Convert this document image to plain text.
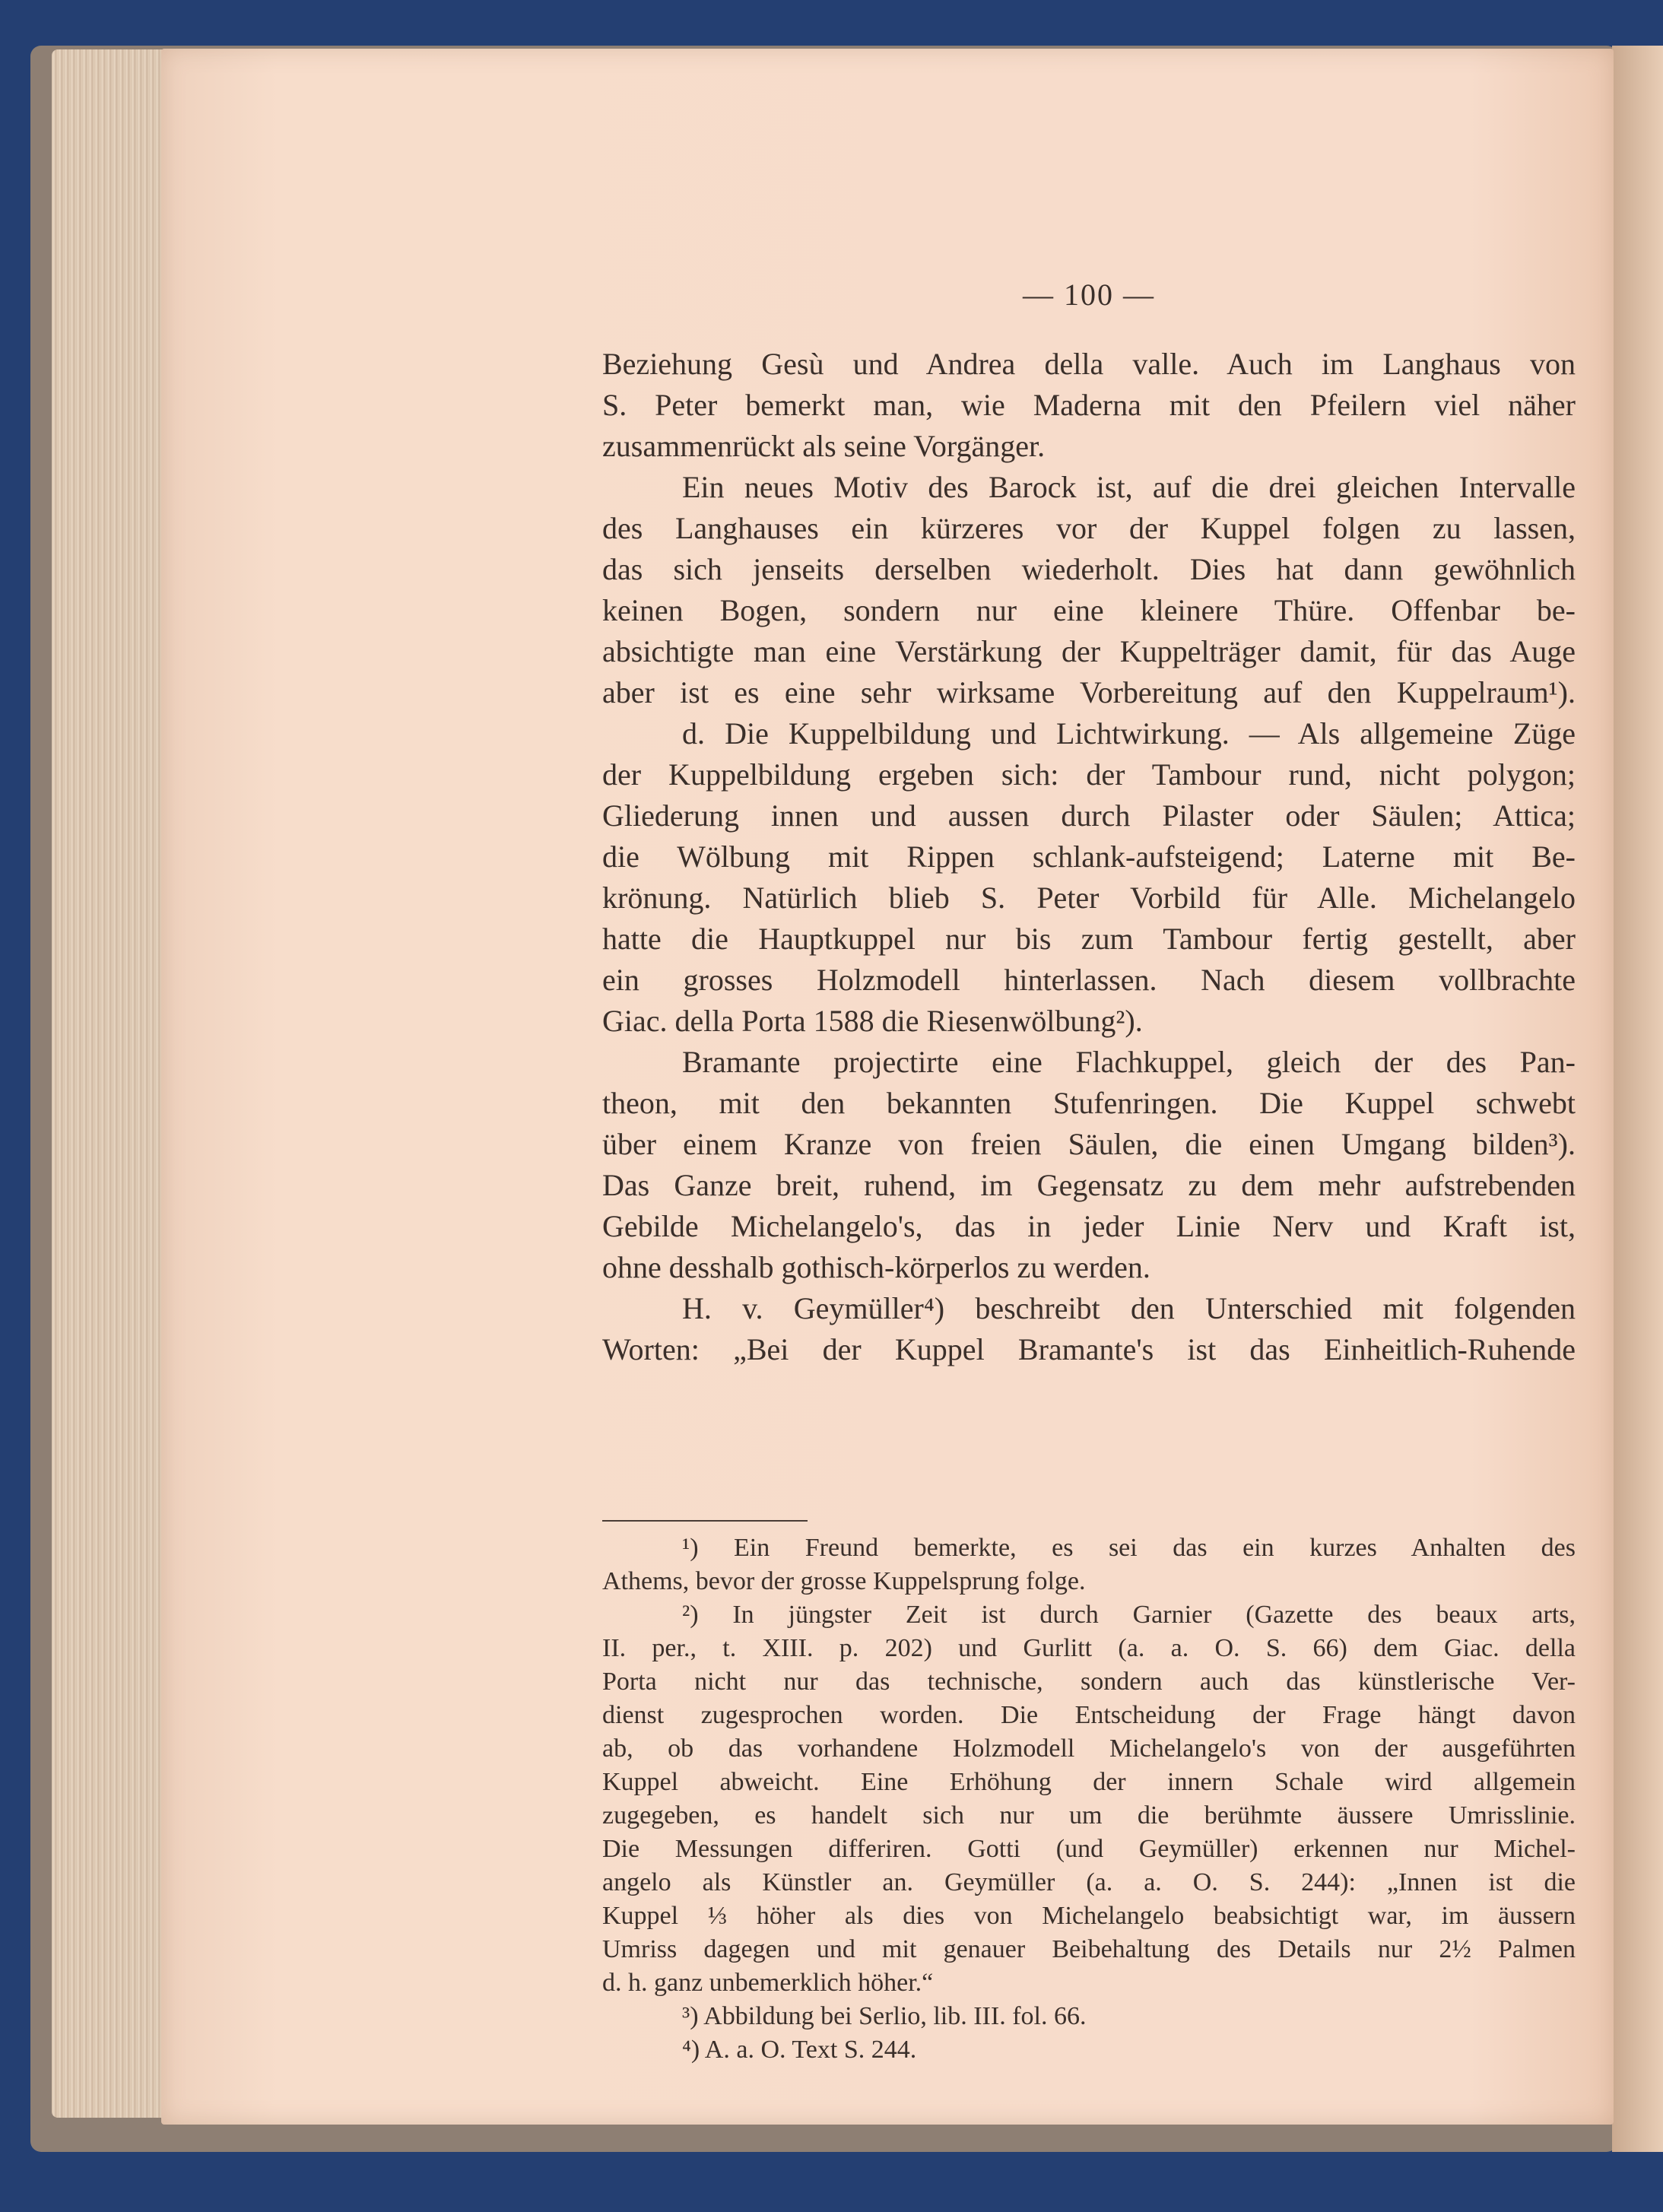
— 100 —
Beziehung Gesù und Andrea della valle. Auch im Langhaus von
S. Peter bemerkt man, wie Maderna mit den Pfeilern viel näher
zusammenrückt als seine Vorgänger.
Ein neues Motiv des Barock ist, auf die drei gleichen Intervalle
des Langhauses ein kürzeres vor der Kuppel folgen zu lassen,
das sich jenseits derselben wiederholt. Dies hat dann gewöhnlich
keinen Bogen, sondern nur eine kleinere Thüre. Offenbar be-
absichtigte man eine Verstärkung der Kuppelträger damit, für das Auge
aber ist es eine sehr wirksame Vorbereitung auf den Kuppelraum¹).
d. Die Kuppelbildung und Lichtwirkung. — Als allgemeine Züge
der Kuppelbildung ergeben sich: der Tambour rund, nicht polygon;
Gliederung innen und aussen durch Pilaster oder Säulen; Attica;
die Wölbung mit Rippen schlank-aufsteigend; Laterne mit Be-
krönung. Natürlich blieb S. Peter Vorbild für Alle. Michelangelo
hatte die Hauptkuppel nur bis zum Tambour fertig gestellt, aber
ein grosses Holzmodell hinterlassen. Nach diesem vollbrachte
Giac. della Porta 1588 die Riesenwölbung²).
Bramante projectirte eine Flachkuppel, gleich der des Pan-
theon, mit den bekannten Stufenringen. Die Kuppel schwebt
über einem Kranze von freien Säulen, die einen Umgang bilden³).
Das Ganze breit, ruhend, im Gegensatz zu dem mehr aufstrebenden
Gebilde Michelangelo's, das in jeder Linie Nerv und Kraft ist,
ohne desshalb gothisch-körperlos zu werden.
H. v. Geymüller⁴) beschreibt den Unterschied mit folgenden
Worten: „Bei der Kuppel Bramante's ist das Einheitlich-Ruhende
¹) Ein Freund bemerkte, es sei das ein kurzes Anhalten des
Athems, bevor der grosse Kuppelsprung folge.
²) In jüngster Zeit ist durch Garnier (Gazette des beaux arts,
II. per., t. XIII. p. 202) und Gurlitt (a. a. O. S. 66) dem Giac. della
Porta nicht nur das technische, sondern auch das künstlerische Ver-
dienst zugesprochen worden. Die Entscheidung der Frage hängt davon
ab, ob das vorhandene Holzmodell Michelangelo's von der ausgeführten
Kuppel abweicht. Eine Erhöhung der innern Schale wird allgemein
zugegeben, es handelt sich nur um die berühmte äussere Umrisslinie.
Die Messungen differiren. Gotti (und Geymüller) erkennen nur Michel-
angelo als Künstler an. Geymüller (a. a. O. S. 244): „Innen ist die
Kuppel ⅓ höher als dies von Michelangelo beabsichtigt war, im äussern
Umriss dagegen und mit genauer Beibehaltung des Details nur 2½ Palmen
d. h. ganz unbemerklich höher.“
³) Abbildung bei Serlio, lib. III. fol. 66.
⁴) A. a. O. Text S. 244.
